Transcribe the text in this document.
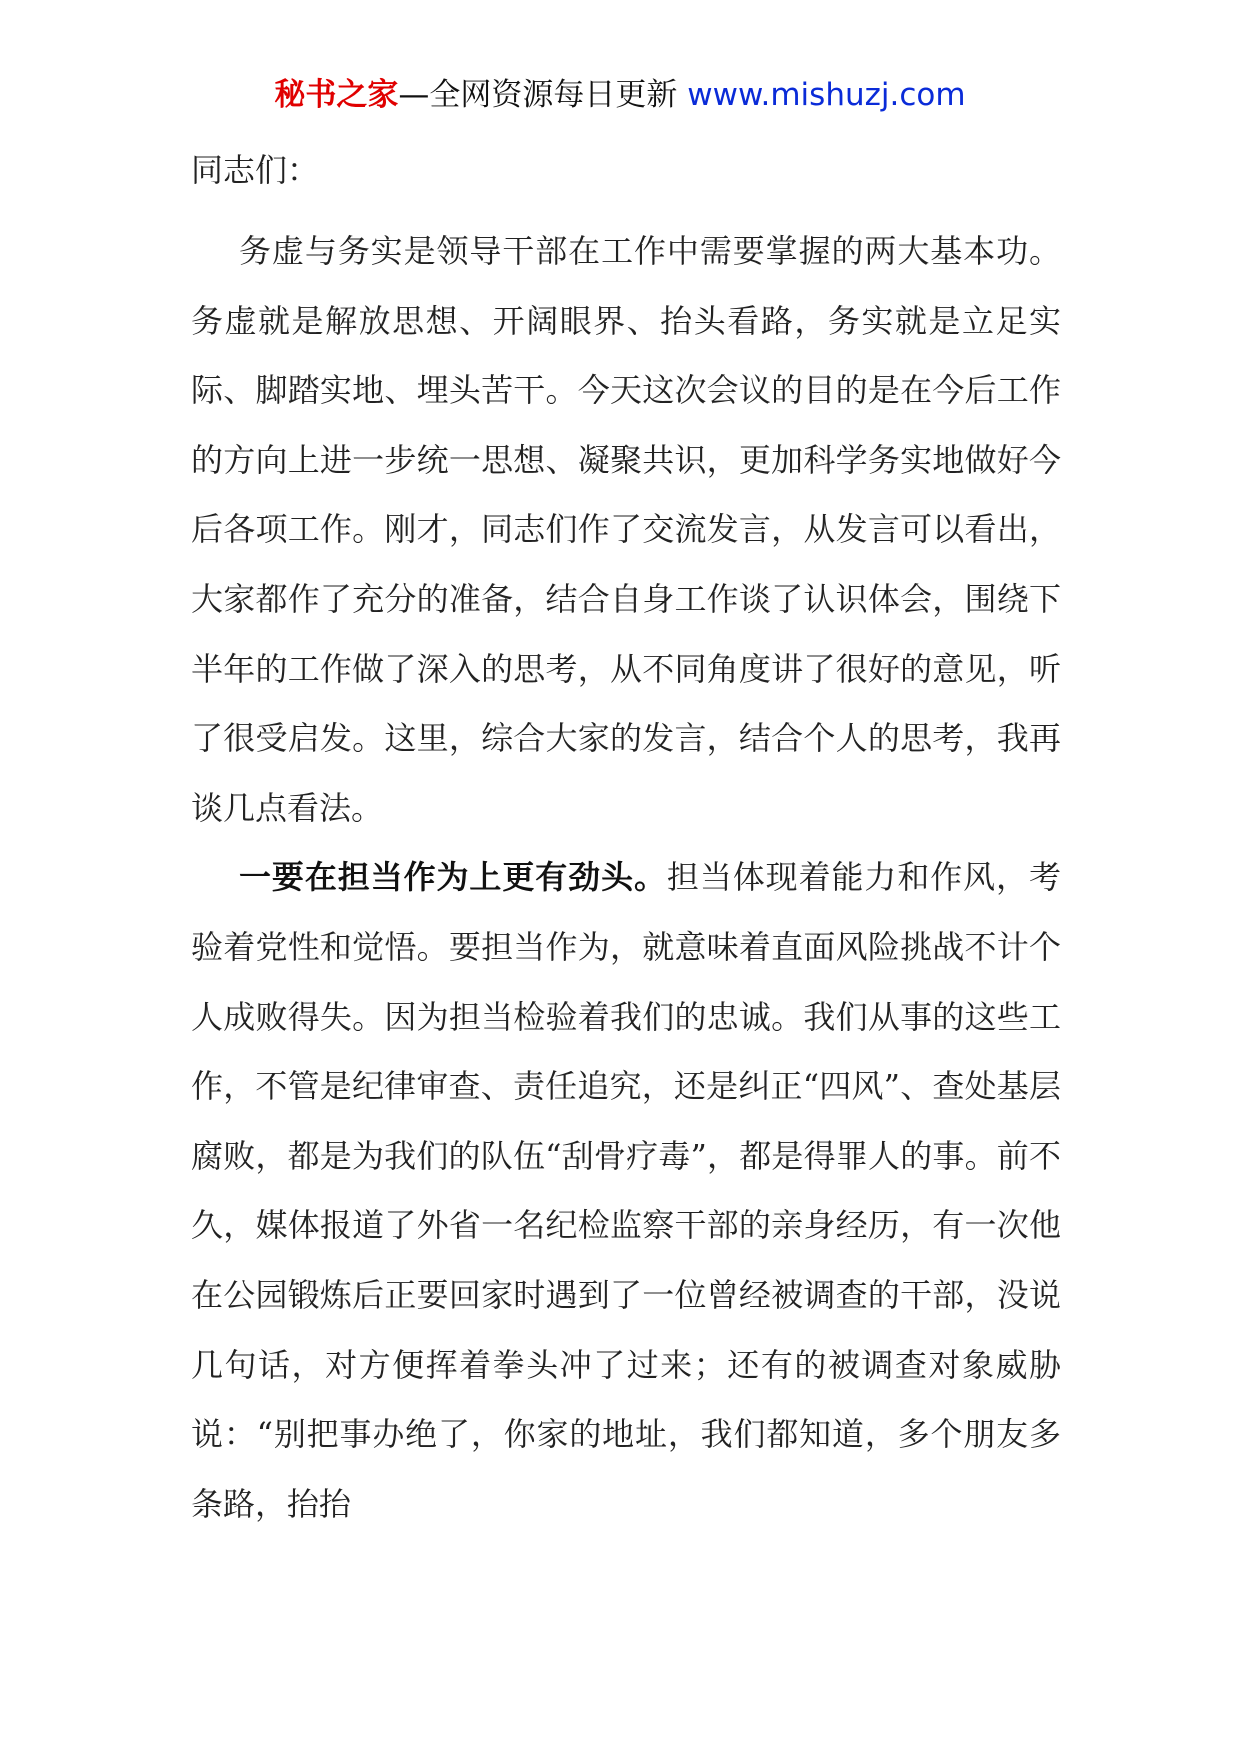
秘书之家—全网资源每日更新 www.mishuzj.com

同志们：

务虚与务实是领导干部在工作中需要掌握的两大基本功。务虚就是解放思想、开阔眼界、抬头看路，务实就是立足实际、脚踏实地、埋头苦干。今天这次会议的目的是在今后工作的方向上进一步统一思想、凝聚共识，更加科学务实地做好今后各项工作。刚才，同志们作了交流发言，从发言可以看出，大家都作了充分的准备，结合自身工作谈了认识体会，围绕下半年的工作做了深入的思考，从不同角度讲了很好的意见，听了很受启发。这里，综合大家的发言，结合个人的思考，我再谈几点看法。

一要在担当作为上更有劲头。担当体现着能力和作风，考验着党性和觉悟。要担当作为，就意味着直面风险挑战不计个人成败得失。因为担当检验着我们的忠诚。我们从事的这些工作，不管是纪律审查、责任追究，还是纠正“四风”、查处基层腐败，都是为我们的队伍“刮骨疗毒”，都是得罪人的事。前不久，媒体报道了外省一名纪检监察干部的亲身经历，有一次他在公园锻炼后正要回家时遇到了一位曾经被调查的干部，没说几句话，对方便挥着拳头冲了过来；还有的被调查对象威胁说：“别把事办绝了，你家的地址，我们都知道，多个朋友多条路，抬抬
